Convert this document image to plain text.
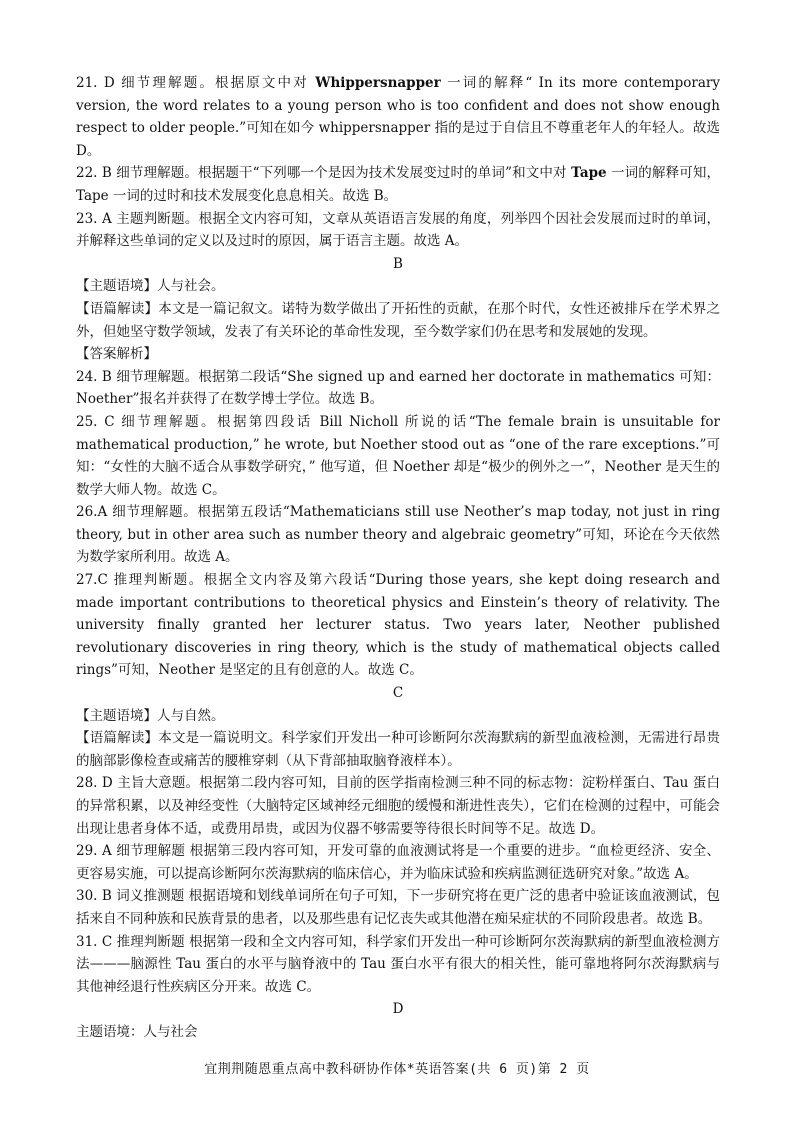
21. D 细节理解题。根据原文中对 Whippersnapper 一词的解释“ In its more contemporary version, the word relates to a young person who is too confident and does not show enough respect to older people.”可知在如今 whippersnapper 指的是过于自信且不尊重老年人的年轻人。故选 D。

22. B 细节理解题。根据题干“下列哪一个是因为技术发展变过时的单词”和文中对 Tape 一词的解释可知，Tape 一词的过时和技术发展变化息息相关。故选 B。

23. A 主题判断题。根据全文内容可知，文章从英语语言发展的角度，列举四个因社会发展而过时的单词，并解释这些单词的定义以及过时的原因，属于语言主题。故选 A。

B

【主题语境】人与社会。

【语篇解读】本文是一篇记叙文。诺特为数学做出了开拓性的贡献，在那个时代，女性还被排斥在学术界之外，但她坚守数学领域，发表了有关环论的革命性发现，至今数学家们仍在思考和发展她的发现。

【答案解析】

24. B 细节理解题。根据第二段话“She signed up and earned her doctorate in mathematics 可知：Noether”报名并获得了在数学博士学位。故选 B。

25. C 细节理解题。根据第四段话 Bill Nicholl 所说的话“The female brain is unsuitable for mathematical production,” he wrote, but Noether stood out as “one of the rare exceptions.”可知：“女性的大脑不适合从事数学研究，” 他写道，但 Noether 却是“极少的例外之一”，Neother 是天生的数学大师人物。故选 C。

26.A 细节理解题。根据第五段话“Mathematicians still use Neother’s map today, not just in ring theory, but in other area such as number theory and algebraic geometry”可知，环论在今天依然为数学家所利用。故选 A。

27.C 推理判断题。根据全文内容及第六段话“During those years, she kept doing research and made important contributions to theoretical physics and Einstein’s theory of relativity. The university finally granted her lecturer status. Two years later, Neother published revolutionary discoveries in ring theory, which is the study of mathematical objects called rings”可知，Neother 是坚定的且有创意的人。故选 C。

C

【主题语境】人与自然。

【语篇解读】本文是一篇说明文。科学家们开发出一种可诊断阿尔茨海默病的新型血液检测，无需进行昂贵的脑部影像检查或痛苦的腰椎穿刺（从下背部抽取脑脊液样本）。

28. D 主旨大意题。根据第二段内容可知，目前的医学指南检测三种不同的标志物：淀粉样蛋白、Tau 蛋白的异常积累，以及神经变性（大脑特定区域神经元细胞的缓慢和渐进性丧失），它们在检测的过程中，可能会出现让患者身体不适，或费用昂贵，或因为仪器不够需要等待很长时间等不足。故选 D。

29. A 细节理解题 根据第三段内容可知，开发可靠的血液测试将是一个重要的进步。“血检更经济、安全、更容易实施，可以提高诊断阿尔茨海默病的临床信心，并为临床试验和疾病监测征选研究对象。”故选 A。

30. B 词义推测题 根据语境和划线单词所在句子可知，下一步研究将在更广泛的患者中验证该血液测试，包括来自不同种族和民族背景的患者，以及那些患有记忆丧失或其他潜在痴呆症状的不同阶段患者。故选 B。

31. C 推理判断题 根据第一段和全文内容可知，科学家们开发出一种可诊断阿尔茨海默病的新型血液检测方法———脑源性 Tau 蛋白的水平与脑脊液中的 Tau 蛋白水平有很大的相关性，能可靠地将阿尔茨海默病与其他神经退行性疾病区分开来。故选 C。

D

主题语境：人与社会

宜荆荆随恩重点高中教科研协作体*英语答案(共 6 页)第 2 页
